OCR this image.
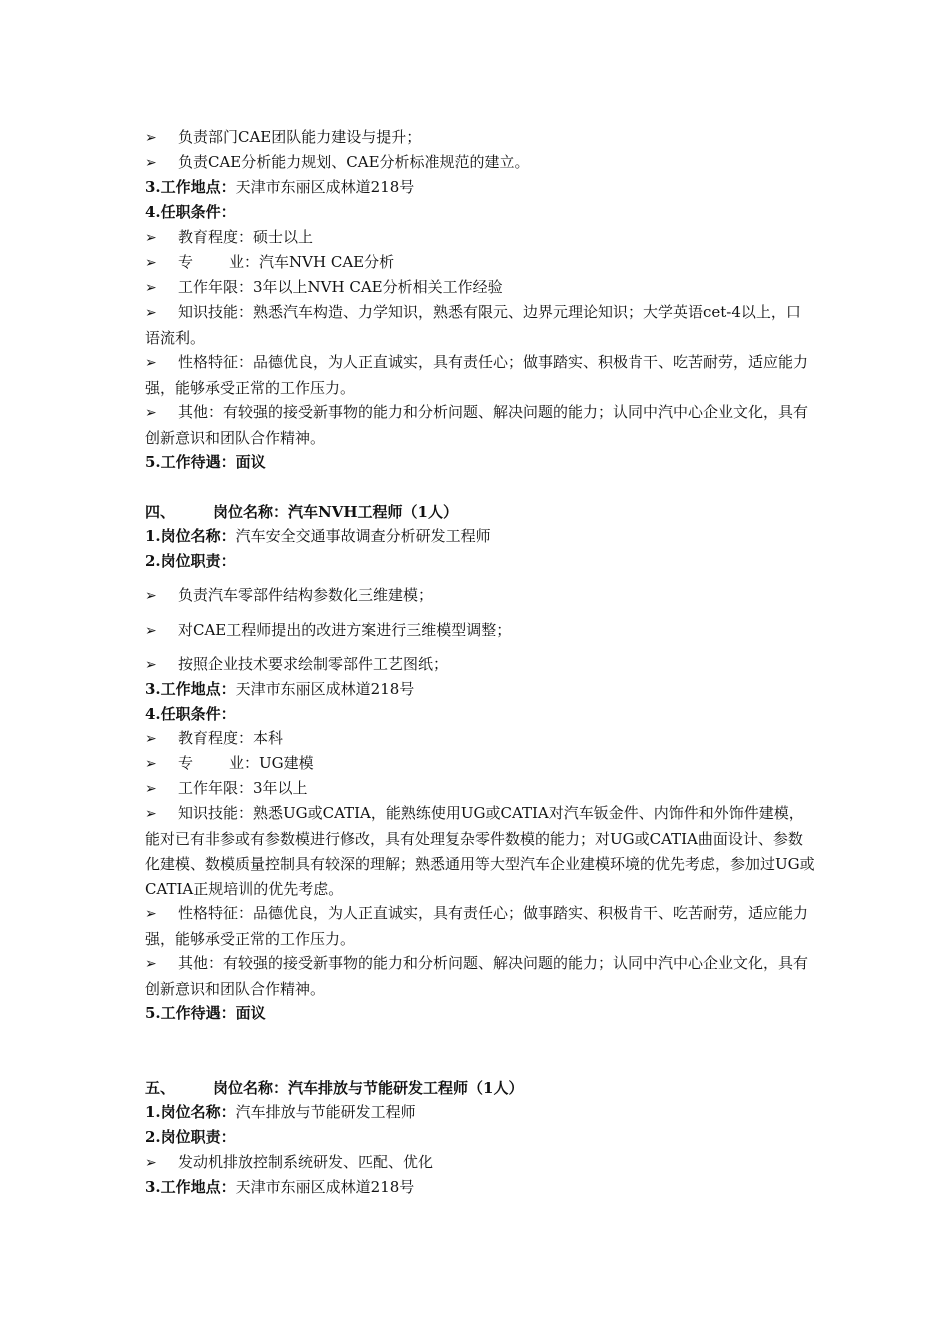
➢ 负责部门CAE团队能力建设与提升；
➢ 负责CAE分析能力规划、CAE分析标准规范的建立。
3.工作地点：天津市东丽区成林道218号
4.任职条件：
➢ 教育程度：硕士以上
➢ 专 业：汽车NVH CAE分析
➢ 工作年限：3年以上NVH CAE分析相关工作经验
➢ 知识技能：熟悉汽车构造、力学知识，熟悉有限元、边界元理论知识；大学英语cet-4以上，口语流利。
➢ 性格特征：品德优良，为人正直诚实，具有责任心；做事踏实、积极肯干、吃苦耐劳，适应能力强，能够承受正常的工作压力。
➢ 其他：有较强的接受新事物的能力和分析问题、解决问题的能力；认同中汽中心企业文化，具有创新意识和团队合作精神。
5.工作待遇：面议
四、	岗位名称：汽车NVH工程师（1人）
1.岗位名称：汽车安全交通事故调查分析研发工程师
2.岗位职责：
➢ 负责汽车零部件结构参数化三维建模；
➢ 对CAE工程师提出的改进方案进行三维模型调整；
➢ 按照企业技术要求绘制零部件工艺图纸；
3.工作地点：天津市东丽区成林道218号
4.任职条件：
➢ 教育程度：本科
➢ 专 业：UG建模
➢ 工作年限：3年以上
➢ 知识技能：熟悉UG或CATIA，能熟练使用UG或CATIA对汽车钣金件、内饰件和外饰件建模，能对已有非参或有参数模进行修改，具有处理复杂零件数模的能力；对UG或CATIA曲面设计、参数化建模、数模质量控制具有较深的理解；熟悉通用等大型汽车企业建模环境的优先考虑，参加过UG或CATIA正规培训的优先考虑。
➢ 性格特征：品德优良，为人正直诚实，具有责任心；做事踏实、积极肯干、吃苦耐劳，适应能力强，能够承受正常的工作压力。
➢ 其他：有较强的接受新事物的能力和分析问题、解决问题的能力；认同中汽中心企业文化，具有创新意识和团队合作精神。
5.工作待遇：面议
五、	岗位名称：汽车排放与节能研发工程师（1人）
1.岗位名称：汽车排放与节能研发工程师
2.岗位职责：
➢ 发动机排放控制系统研发、匹配、优化
3.工作地点：天津市东丽区成林道218号
